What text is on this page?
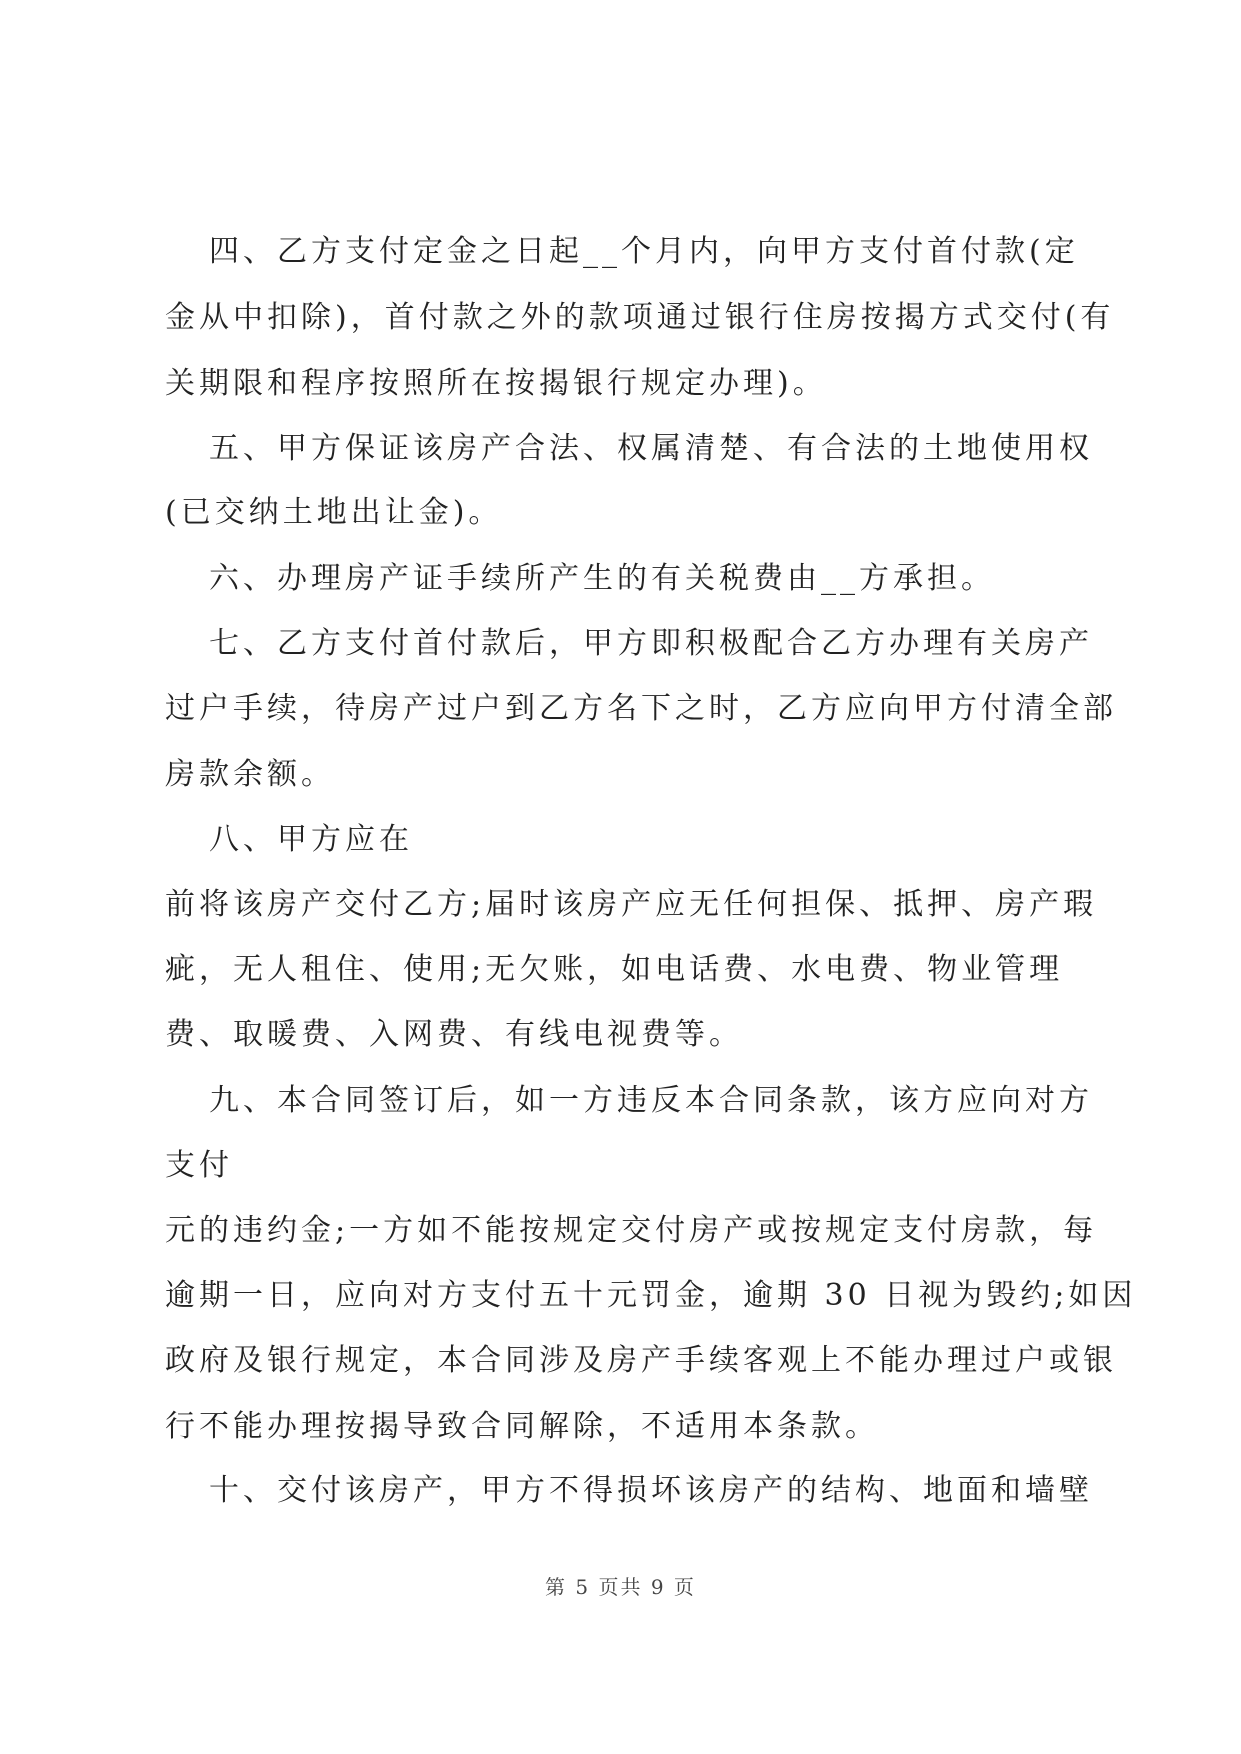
四、乙方支付定金之日起__个月内，向甲方支付首付款(定
金从中扣除)，首付款之外的款项通过银行住房按揭方式交付(有
关期限和程序按照所在按揭银行规定办理)。
五、甲方保证该房产合法、权属清楚、有合法的土地使用权
(已交纳土地出让金)。
六、办理房产证手续所产生的有关税费由__方承担。
七、乙方支付首付款后，甲方即积极配合乙方办理有关房产
过户手续，待房产过户到乙方名下之时，乙方应向甲方付清全部
房款余额。
八、甲方应在
前将该房产交付乙方;届时该房产应无任何担保、抵押、房产瑕
疵，无人租住、使用;无欠账，如电话费、水电费、物业管理
费、取暖费、入网费、有线电视费等。
九、本合同签订后，如一方违反本合同条款，该方应向对方
支付
元的违约金;一方如不能按规定交付房产或按规定支付房款，每
逾期一日，应向对方支付五十元罚金，逾期 30 日视为毁约;如因
政府及银行规定，本合同涉及房产手续客观上不能办理过户或银
行不能办理按揭导致合同解除，不适用本条款。
十、交付该房产，甲方不得损坏该房产的结构、地面和墙壁
第 5 页共 9 页
